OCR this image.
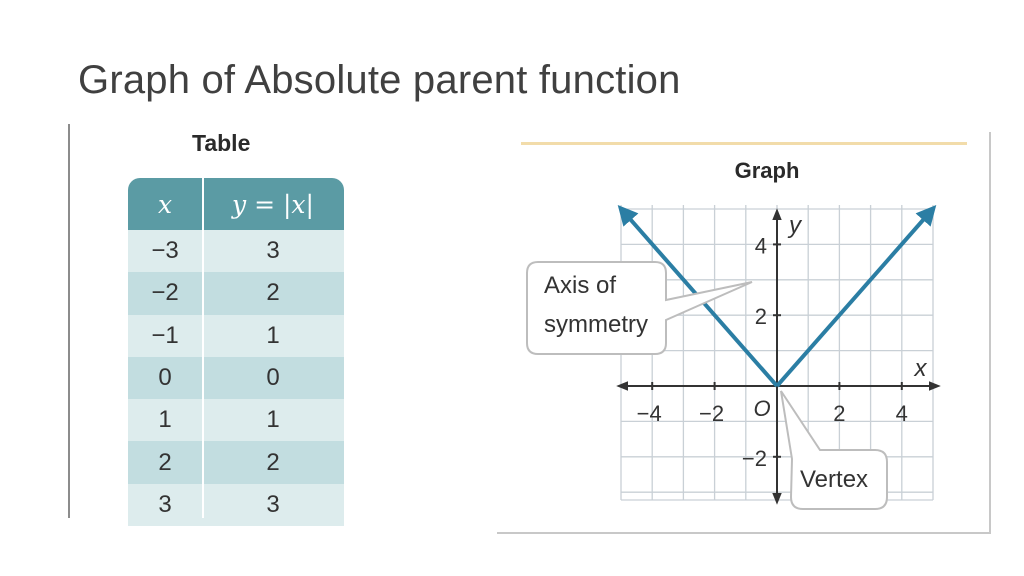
Graph of Absolute parent function
Table
x	y = |x|
−3	3
−2	2
−1	1
0	0
1	1
2	2
3	3
Graph
−4 −2	2 4
4
2
−2
O
x
y
Axis of
symmetry
Vertex
